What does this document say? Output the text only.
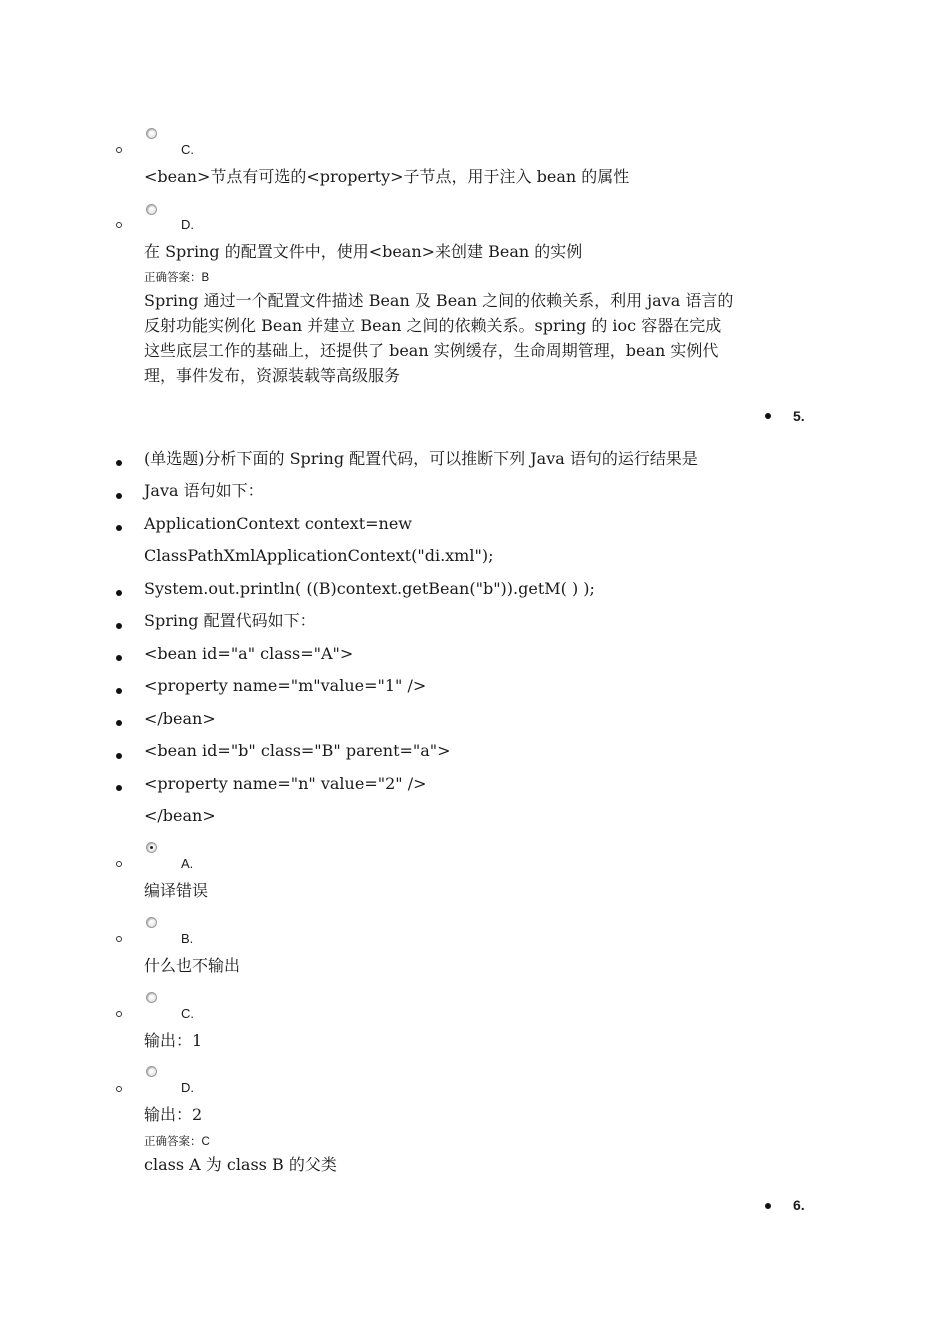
C.
<bean>节点有可选的<property>子节点，用于注入 bean 的属性
D.
在 Spring 的配置文件中，使用<bean>来创建 Bean 的实例
正确答案：B
Spring 通过一个配置文件描述 Bean 及 Bean 之间的依赖关系，利用 java 语言的
反射功能实例化 Bean 并建立 Bean 之间的依赖关系。spring 的 ioc 容器在完成
这些底层工作的基础上，还提供了 bean 实例缓存，生命周期管理，bean 实例代
理，事件发布，资源装载等高级服务
5.
(单选题)分析下面的 Spring 配置代码，可以推断下列 Java 语句的运行结果是
Java 语句如下：
ApplicationContext context=new
ClassPathXmlApplicationContext("di.xml");
System.out.println( ((B)context.getBean("b")).getM( ) );
Spring 配置代码如下：
<bean id="a" class="A">
<property name="m"value="1" />
</bean>
<bean id="b" class="B" parent="a">
<property name="n" value="2" />
</bean>
A.
编译错误
B.
什么也不输出
C.
输出：1
D.
输出：2
正确答案：C
class A 为 class B 的父类
6.
